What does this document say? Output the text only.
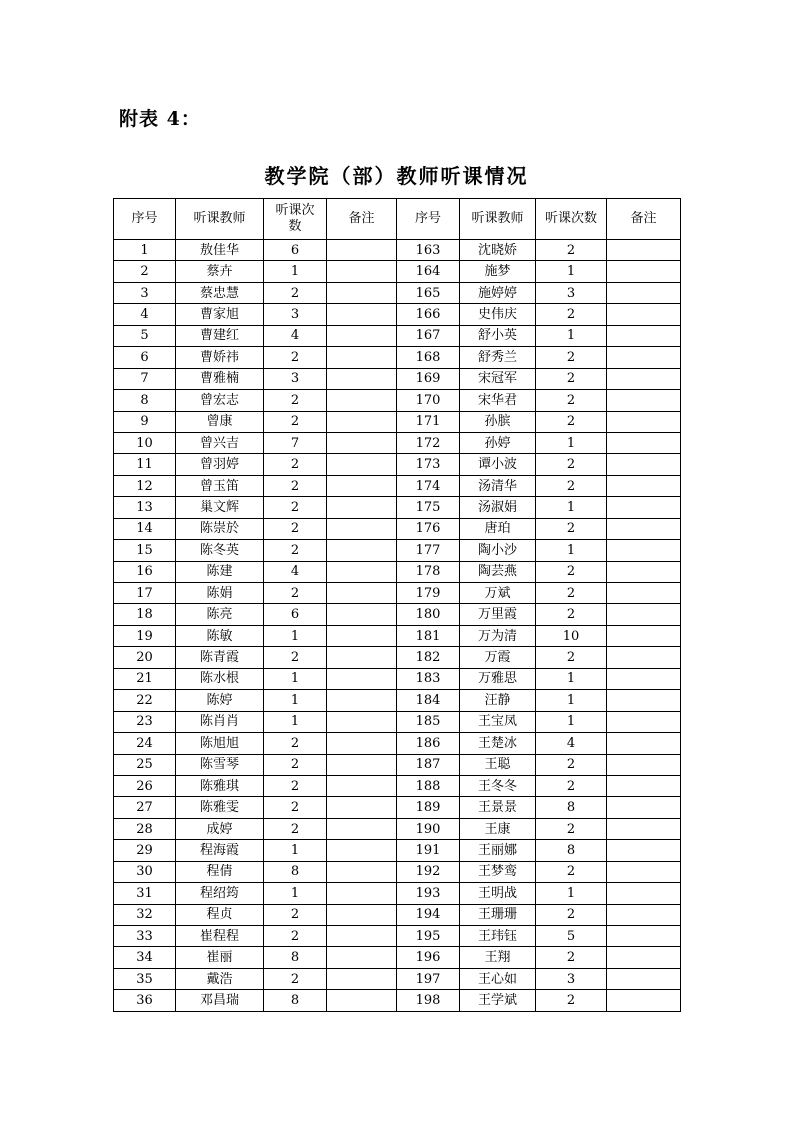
附表 4：
教学院（部）教师听课情况
序号	听课教师	听课次数	备注	序号	听课教师	听课次数	备注
1	敖佳华	6		163	沈晓娇	2	
2	蔡卉	1		164	施梦	1	
3	蔡忠慧	2		165	施婷婷	3	
4	曹家旭	3		166	史伟庆	2	
5	曹建红	4		167	舒小英	1	
6	曹娇祎	2		168	舒秀兰	2	
7	曹雅楠	3		169	宋冠军	2	
8	曾宏志	2		170	宋华君	2	
9	曾康	2		171	孙膑	2	
10	曾兴吉	7		172	孙婷	1	
11	曾羽婷	2		173	谭小波	2	
12	曾玉笛	2		174	汤清华	2	
13	巢文辉	2		175	汤淑娟	1	
14	陈崇於	2		176	唐珀	2	
15	陈冬英	2		177	陶小沙	1	
16	陈建	4		178	陶芸燕	2	
17	陈娟	2		179	万斌	2	
18	陈亮	6		180	万里霞	2	
19	陈敏	1		181	万为清	10	
20	陈青霞	2		182	万霞	2	
21	陈水根	1		183	万雅思	1	
22	陈婷	1		184	汪静	1	
23	陈肖肖	1		185	王宝凤	1	
24	陈旭旭	2		186	王楚冰	4	
25	陈雪琴	2		187	王聪	2	
26	陈雅琪	2		188	王冬冬	2	
27	陈雅雯	2		189	王景景	8	
28	成婷	2		190	王康	2	
29	程海霞	1		191	王丽娜	8	
30	程倩	8		192	王梦鸾	2	
31	程绍筠	1		193	王明战	1	
32	程贞	2		194	王珊珊	2	
33	崔程程	2		195	王玮钰	5	
34	崔丽	8		196	王翔	2	
35	戴浩	2		197	王心如	3	
36	邓昌瑞	8		198	王学斌	2	
